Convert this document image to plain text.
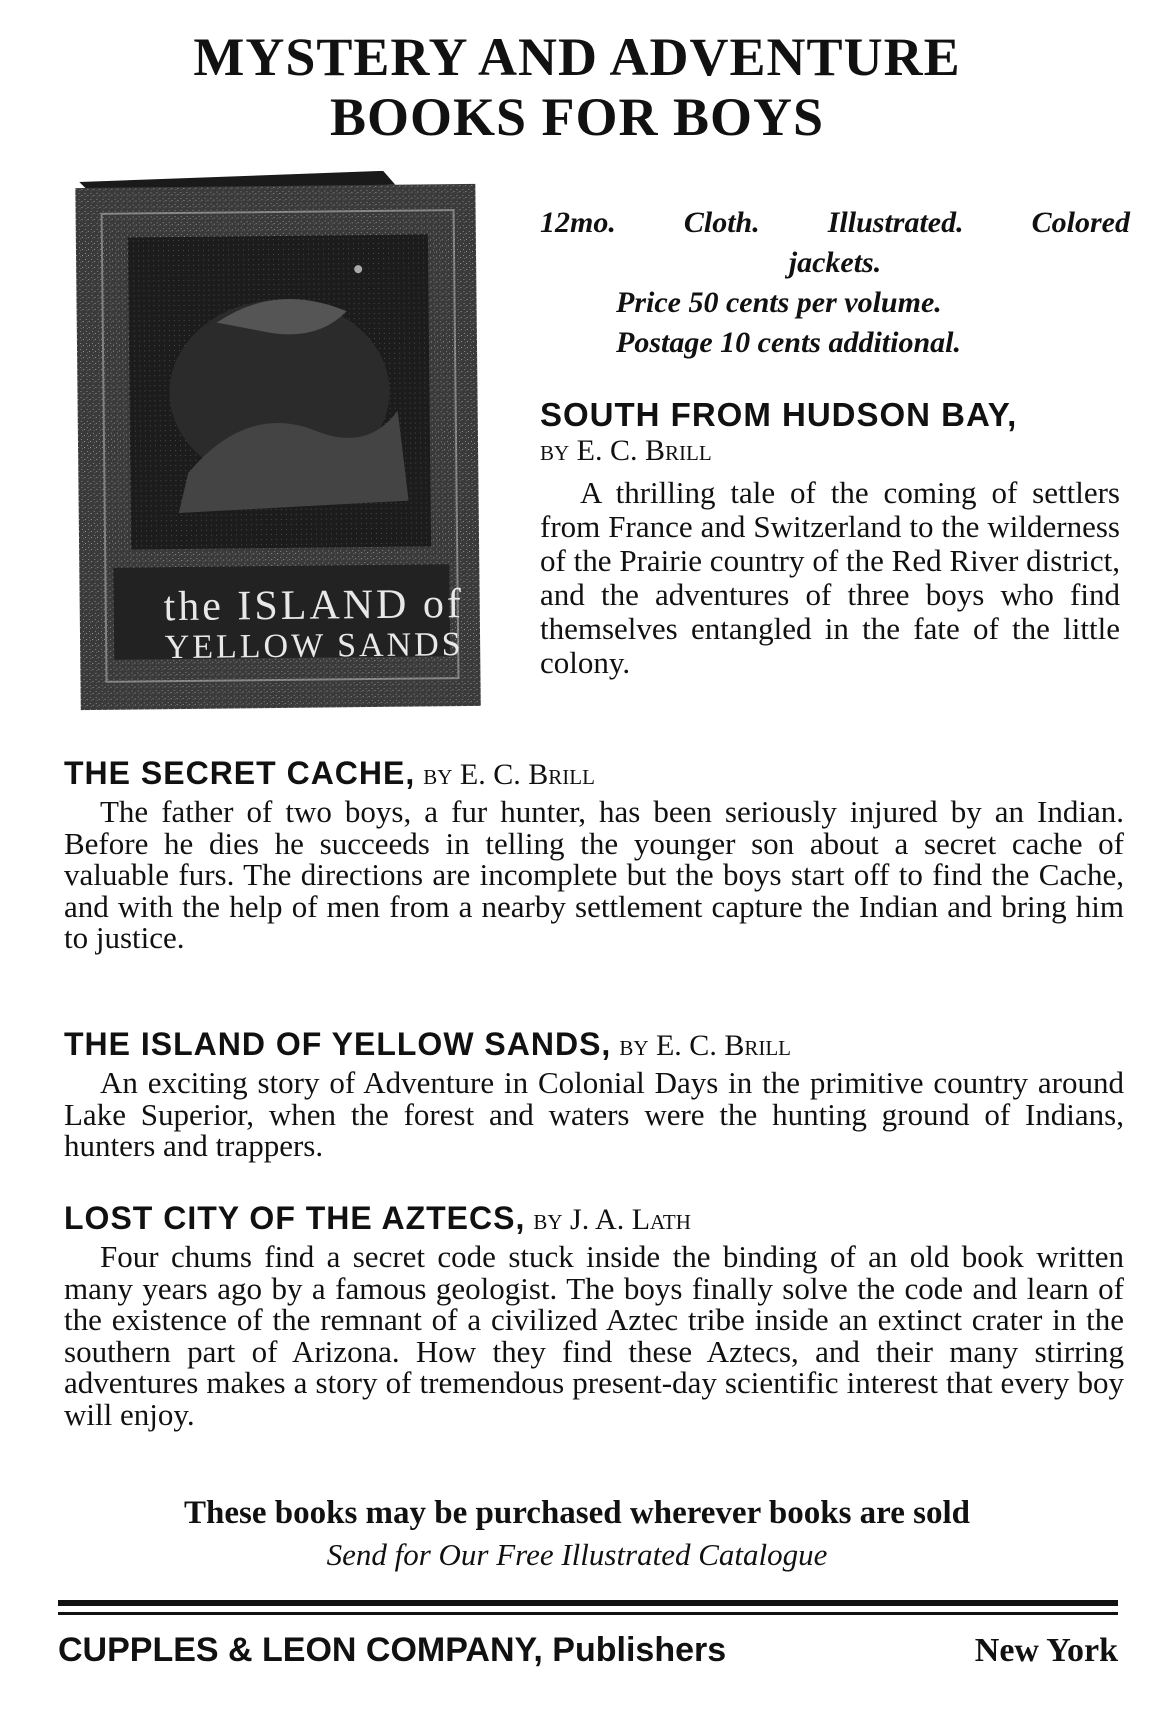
MYSTERY AND ADVENTURE
BOOKS FOR BOYS
the ISLAND of
YELLOW SANDS
12mo. Cloth. Illustrated. Colored
jackets.
Price 50 cents per volume.
Postage 10 cents additional.
SOUTH FROM HUDSON BAY,
by E. C. Brill
A thrilling tale of the coming of settlers from France and Switzerland to the wilderness of the Prairie country of the Red River district, and the adventures of three boys who find themselves entangled in the fate of the little colony.
THE SECRET CACHE, by E. C. Brill
The father of two boys, a fur hunter, has been seriously injured by an Indian. Before he dies he succeeds in telling the younger son about a secret cache of valuable furs. The directions are incomplete but the boys start off to find the Cache, and with the help of men from a nearby settlement capture the Indian and bring him to justice.
THE ISLAND OF YELLOW SANDS, by E. C. Brill
An exciting story of Adventure in Colonial Days in the primitive country around Lake Superior, when the forest and waters were the hunting ground of Indians, hunters and trappers.
LOST CITY OF THE AZTECS, by J. A. Lath
Four chums find a secret code stuck inside the binding of an old book written many years ago by a famous geologist. The boys finally solve the code and learn of the existence of the remnant of a civilized Aztec tribe inside an extinct crater in the southern part of Arizona. How they find these Aztecs, and their many stirring adventures makes a story of tremendous present-day scientific interest that every boy will enjoy.
These books may be purchased wherever books are sold
Send for Our Free Illustrated Catalogue
CUPPLES & LEON COMPANY, Publishers	New York
